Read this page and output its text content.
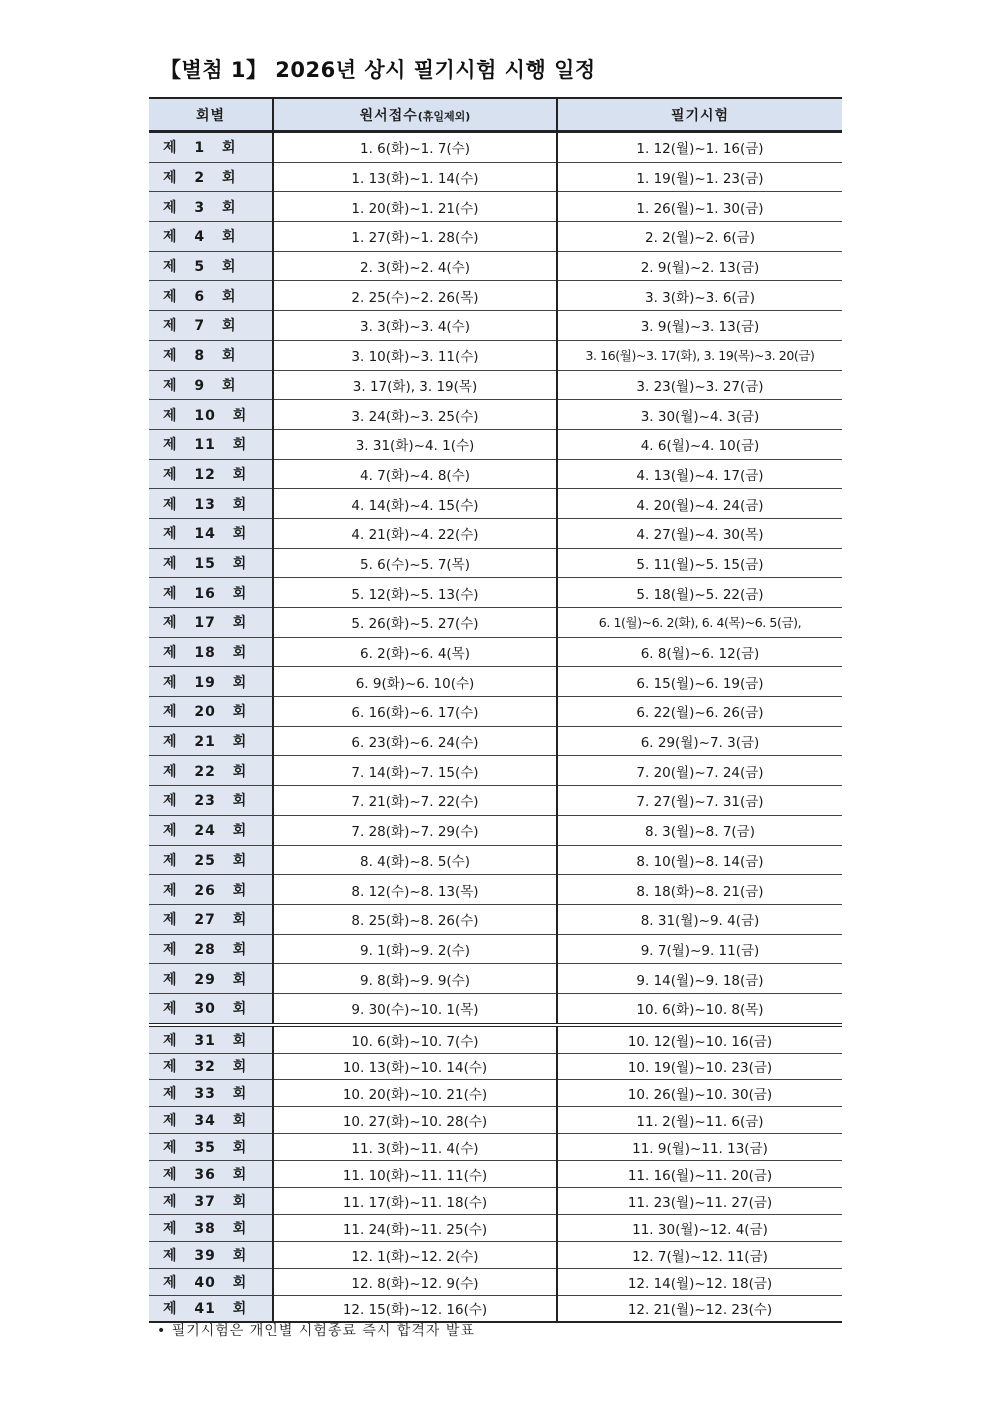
【별첨 1】 2026년 상시 필기시험 시행 일정
회별	원서접수(휴일제외)	필기시험
제 1 회	1. 6(화)~1. 7(수)	1. 12(월)~1. 16(금)
제 2 회	1. 13(화)~1. 14(수)	1. 19(월)~1. 23(금)
제 3 회	1. 20(화)~1. 21(수)	1. 26(월)~1. 30(금)
제 4 회	1. 27(화)~1. 28(수)	2. 2(월)~2. 6(금)
제 5 회	2. 3(화)~2. 4(수)	2. 9(월)~2. 13(금)
제 6 회	2. 25(수)~2. 26(목)	3. 3(화)~3. 6(금)
제 7 회	3. 3(화)~3. 4(수)	3. 9(월)~3. 13(금)
제 8 회	3. 10(화)~3. 11(수)	3. 16(월)~3. 17(화), 3. 19(목)~3. 20(금)
제 9 회	3. 17(화), 3. 19(목)	3. 23(월)~3. 27(금)
제 10 회	3. 24(화)~3. 25(수)	3. 30(월)~4. 3(금)
제 11 회	3. 31(화)~4. 1(수)	4. 6(월)~4. 10(금)
제 12 회	4. 7(화)~4. 8(수)	4. 13(월)~4. 17(금)
제 13 회	4. 14(화)~4. 15(수)	4. 20(월)~4. 24(금)
제 14 회	4. 21(화)~4. 22(수)	4. 27(월)~4. 30(목)
제 15 회	5. 6(수)~5. 7(목)	5. 11(월)~5. 15(금)
제 16 회	5. 12(화)~5. 13(수)	5. 18(월)~5. 22(금)
제 17 회	5. 26(화)~5. 27(수)	6. 1(월)~6. 2(화), 6. 4(목)~6. 5(금),
제 18 회	6. 2(화)~6. 4(목)	6. 8(월)~6. 12(금)
제 19 회	6. 9(화)~6. 10(수)	6. 15(월)~6. 19(금)
제 20 회	6. 16(화)~6. 17(수)	6. 22(월)~6. 26(금)
제 21 회	6. 23(화)~6. 24(수)	6. 29(월)~7. 3(금)
제 22 회	7. 14(화)~7. 15(수)	7. 20(월)~7. 24(금)
제 23 회	7. 21(화)~7. 22(수)	7. 27(월)~7. 31(금)
제 24 회	7. 28(화)~7. 29(수)	8. 3(월)~8. 7(금)
제 25 회	8. 4(화)~8. 5(수)	8. 10(월)~8. 14(금)
제 26 회	8. 12(수)~8. 13(목)	8. 18(화)~8. 21(금)
제 27 회	8. 25(화)~8. 26(수)	8. 31(월)~9. 4(금)
제 28 회	9. 1(화)~9. 2(수)	9. 7(월)~9. 11(금)
제 29 회	9. 8(화)~9. 9(수)	9. 14(월)~9. 18(금)
제 30 회	9. 30(수)~10. 1(목)	10. 6(화)~10. 8(목)
제 31 회	10. 6(화)~10. 7(수)	10. 12(월)~10. 16(금)
제 32 회	10. 13(화)~10. 14(수)	10. 19(월)~10. 23(금)
제 33 회	10. 20(화)~10. 21(수)	10. 26(월)~10. 30(금)
제 34 회	10. 27(화)~10. 28(수)	11. 2(월)~11. 6(금)
제 35 회	11. 3(화)~11. 4(수)	11. 9(월)~11. 13(금)
제 36 회	11. 10(화)~11. 11(수)	11. 16(월)~11. 20(금)
제 37 회	11. 17(화)~11. 18(수)	11. 23(월)~11. 27(금)
제 38 회	11. 24(화)~11. 25(수)	11. 30(월)~12. 4(금)
제 39 회	12. 1(화)~12. 2(수)	12. 7(월)~12. 11(금)
제 40 회	12. 8(화)~12. 9(수)	12. 14(월)~12. 18(금)
제 41 회	12. 15(화)~12. 16(수)	12. 21(월)~12. 23(수)
• 필기시험은 개인별 시험종료 즉시 합격자 발표
